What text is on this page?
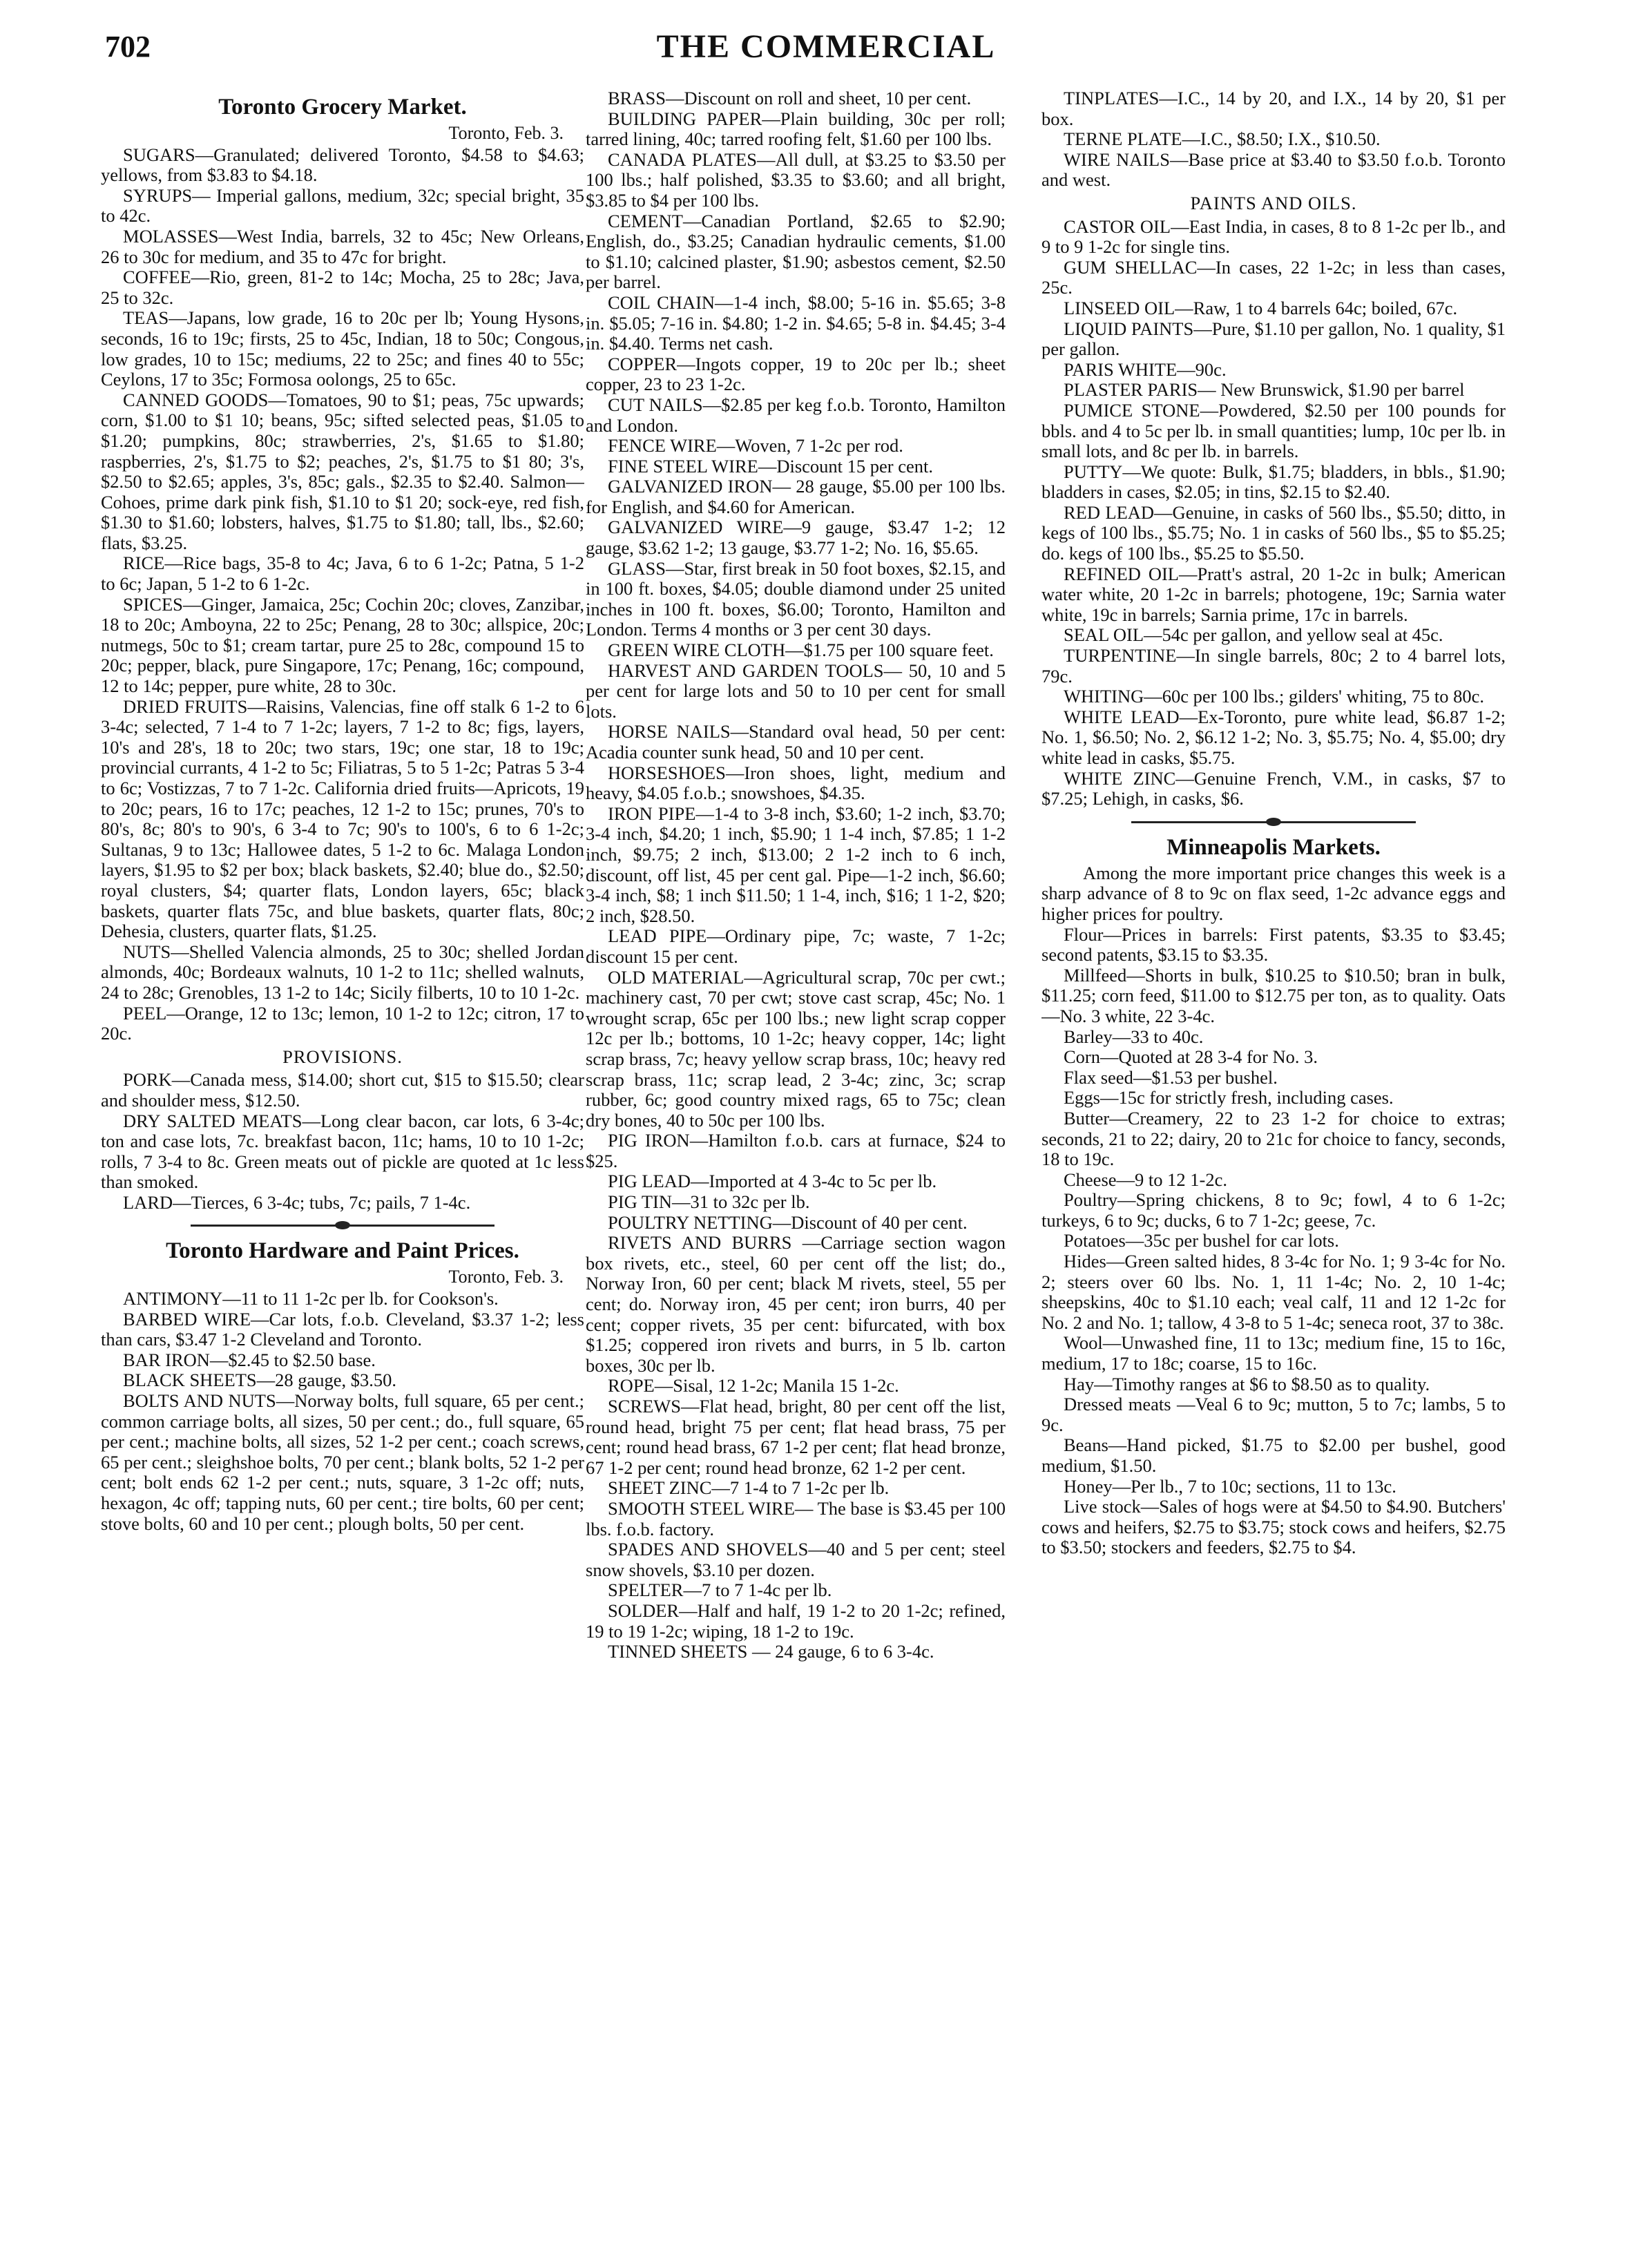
702	THE COMMERCIAL
Toronto Grocery Market.
Toronto, Feb. 3.

SUGARS—Granulated; delivered Toronto, $4.58 to $4.63; yellows, from $3.83 to $4.18.

SYRUPS— Imperial gallons, medium, 32c; special bright, 35 to 42c.

MOLASSES—West India, barrels, 32 to 45c; New Orleans, 26 to 30c for medium, and 35 to 47c for bright.

COFFEE—Rio, green, 81-2 to 14c; Mocha, 25 to 28c; Java, 25 to 32c.

TEAS—Japans, low grade, 16 to 20c per lb; Young Hysons, seconds, 16 to 19c; firsts, 25 to 45c, Indian, 18 to 50c; Congous, low grades, 10 to 15c; mediums, 22 to 25c; and fines 40 to 55c; Ceylons, 17 to 35c; Formosa oolongs, 25 to 65c.

CANNED GOODS—Tomatoes, 90 to $1; peas, 75c upwards; corn, $1.00 to $1 10; beans, 95c; sifted selected peas, $1.05 to $1.20; pumpkins, 80c; strawberries, 2's, $1.65 to $1.80; raspberries, 2's, $1.75 to $2; peaches, 2's, $1.75 to $1 80; 3's, $2.50 to $2.65; apples, 3's, 85c; gals., $2.35 to $2.40. Salmon—Cohoes, prime dark pink fish, $1.10 to $1 20; sock-eye, red fish, $1.30 to $1.60; lobsters, halves, $1.75 to $1.80; tall, lbs., $2.60; flats, $3.25.

RICE—Rice bags, 35-8 to 4c; Java, 6 to 6 1-2c; Patna, 5 1-2 to 6c; Japan, 5 1-2 to 6 1-2c.

SPICES—Ginger, Jamaica, 25c; Cochin 20c; cloves, Zanzibar, 18 to 20c; Amboyna, 22 to 25c; Penang, 28 to 30c; allspice, 20c; nutmegs, 50c to $1; cream tartar, pure 25 to 28c, compound 15 to 20c; pepper, black, pure Singapore, 17c; Penang, 16c; compound, 12 to 14c; pepper, pure white, 28 to 30c.

DRIED FRUITS—Raisins, Valencias, fine off stalk 6 1-2 to 6 3-4c; selected, 7 1-4 to 7 1-2c; layers, 7 1-2 to 8c; figs, layers, 10's and 28's, 18 to 20c; two stars, 19c; one star, 18 to 19c; provincial currants, 4 1-2 to 5c; Filiatras, 5 to 5 1-2c; Patras 5 3-4 to 6c; Vostizzas, 7 to 7 1-2c. California dried fruits—Apricots, 19 to 20c; pears, 16 to 17c; peaches, 12 1-2 to 15c; prunes, 70's to 80's, 8c; 80's to 90's, 6 3-4 to 7c; 90's to 100's, 6 to 6 1-2c; Sultanas, 9 to 13c; Hallowee dates, 5 1-2 to 6c. Malaga London layers, $1.95 to $2 per box; black baskets, $2.40; blue do., $2.50; royal clusters, $4; quarter flats, London layers, 65c; black baskets, quarter flats 75c, and blue baskets, quarter flats, 80c; Dehesia, clusters, quarter flats, $1.25.

NUTS—Shelled Valencia almonds, 25 to 30c; shelled Jordan almonds, 40c; Bordeaux walnuts, 10 1-2 to 11c; shelled walnuts, 24 to 28c; Grenobles, 13 1-2 to 14c; Sicily filberts, 10 to 10 1-2c.

PEEL—Orange, 12 to 13c; lemon, 10 1-2 to 12c; citron, 17 to 20c.

PROVISIONS.

PORK—Canada mess, $14.00; short cut, $15 to $15.50; clear and shoulder mess, $12.50.

DRY SALTED MEATS—Long clear bacon, car lots, 6 3-4c; ton and case lots, 7c. breakfast bacon, 11c; hams, 10 to 10 1-2c; rolls, 7 3-4 to 8c. Green meats out of pickle are quoted at 1c less than smoked.

LARD—Tierces, 6 3-4c; tubs, 7c; pails, 7 1-4c.

Toronto Hardware and Paint Prices.
Toronto, Feb. 3.

ANTIMONY—11 to 11 1-2c per lb. for Cookson's.

BARBED WIRE—Car lots, f.o.b. Cleveland, $3.37 1-2; less than cars, $3.47 1-2 Cleveland and Toronto.

BAR IRON—$2.45 to $2.50 base.

BLACK SHEETS—28 gauge, $3.50.

BOLTS AND NUTS—Norway bolts, full square, 65 per cent.; common carriage bolts, all sizes, 50 per cent.; do., full square, 65 per cent.; machine bolts, all sizes, 52 1-2 per cent.; coach screws, 65 per cent.; sleighshoe bolts, 70 per cent.; blank bolts, 52 1-2 per cent; bolt ends 62 1-2 per cent.; nuts, square, 3 1-2c off; nuts, hexagon, 4c off; tapping nuts, 60 per cent.; tire bolts, 60 per cent; stove bolts, 60 and 10 per cent.; plough bolts, 50 per cent.

BRASS—Discount on roll and sheet, 10 per cent.

BUILDING PAPER—Plain building, 30c per roll; tarred lining, 40c; tarred roofing felt, $1.60 per 100 lbs.

CANADA PLATES—All dull, at $3.25 to $3.50 per 100 lbs.; half polished, $3.35 to $3.60; and all bright, $3.85 to $4 per 100 lbs.

CEMENT—Canadian Portland, $2.65 to $2.90; English, do., $3.25; Canadian hydraulic cements, $1.00 to $1.10; calcined plaster, $1.90; asbestos cement, $2.50 per barrel.

COIL CHAIN—1-4 inch, $8.00; 5-16 in. $5.65; 3-8 in. $5.05; 7-16 in. $4.80; 1-2 in. $4.65; 5-8 in. $4.45; 3-4 in. $4.40. Terms net cash.

COPPER—Ingots copper, 19 to 20c per lb.; sheet copper, 23 to 23 1-2c.

CUT NAILS—$2.85 per keg f.o.b. Toronto, Hamilton and London.

FENCE WIRE—Woven, 7 1-2c per rod.

FINE STEEL WIRE—Discount 15 per cent.

GALVANIZED IRON— 28 gauge, $5.00 per 100 lbs. for English, and $4.60 for American.

GALVANIZED WIRE—9 gauge, $3.47 1-2; 12 gauge, $3.62 1-2; 13 gauge, $3.77 1-2; No. 16, $5.65.

GLASS—Star, first break in 50 foot boxes, $2.15, and in 100 ft. boxes, $4.05; double diamond under 25 united inches in 100 ft. boxes, $6.00; Toronto, Hamilton and London. Terms 4 months or 3 per cent 30 days.

GREEN WIRE CLOTH—$1.75 per 100 square feet.

HARVEST AND GARDEN TOOLS— 50, 10 and 5 per cent for large lots and 50 to 10 per cent for small lots.

HORSE NAILS—Standard oval head, 50 per cent: Acadia counter sunk head, 50 and 10 per cent.

HORSESHOES—Iron shoes, light, medium and heavy, $4.05 f.o.b.; snowshoes, $4.35.

IRON PIPE—1-4 to 3-8 inch, $3.60; 1-2 inch, $3.70; 3-4 inch, $4.20; 1 inch, $5.90; 1 1-4 inch, $7.85; 1 1-2 inch, $9.75; 2 inch, $13.00; 2 1-2 inch to 6 inch, discount, off list, 45 per cent gal. Pipe—1-2 inch, $6.60; 3-4 inch, $8; 1 inch $11.50; 1 1-4, inch, $16; 1 1-2, $20; 2 inch, $28.50.

LEAD PIPE—Ordinary pipe, 7c; waste, 7 1-2c; discount 15 per cent.

OLD MATERIAL—Agricultural scrap, 70c per cwt.; machinery cast, 70 per cwt; stove cast scrap, 45c; No. 1 wrought scrap, 65c per 100 lbs.; new light scrap copper 12c per lb.; bottoms, 10 1-2c; heavy copper, 14c; light scrap brass, 7c; heavy yellow scrap brass, 10c; heavy red scrap brass, 11c; scrap lead, 2 3-4c; zinc, 3c; scrap rubber, 6c; good country mixed rags, 65 to 75c; clean dry bones, 40 to 50c per 100 lbs.

PIG IRON—Hamilton f.o.b. cars at furnace, $24 to $25.

PIG LEAD—Imported at 4 3-4c to 5c per lb.

PIG TIN—31 to 32c per lb.

POULTRY NETTING—Discount of 40 per cent.

RIVETS AND BURRS —Carriage section wagon box rivets, etc., steel, 60 per cent off the list; do., Norway Iron, 60 per cent; black M rivets, steel, 55 per cent; do. Norway iron, 45 per cent; iron burrs, 40 per cent; copper rivets, 35 per cent: bifurcated, with box $1.25; coppered iron rivets and burrs, in 5 lb. carton boxes, 30c per lb.

ROPE—Sisal, 12 1-2c; Manila 15 1-2c.

SCREWS—Flat head, bright, 80 per cent off the list, round head, bright 75 per cent; flat head brass, 75 per cent; round head brass, 67 1-2 per cent; flat head bronze, 67 1-2 per cent; round head bronze, 62 1-2 per cent.

SHEET ZINC—7 1-4 to 7 1-2c per lb.

SMOOTH STEEL WIRE— The base is $3.45 per 100 lbs. f.o.b. factory.

SPADES AND SHOVELS—40 and 5 per cent; steel snow shovels, $3.10 per dozen.

SPELTER—7 to 7 1-4c per lb.

SOLDER—Half and half, 19 1-2 to 20 1-2c; refined, 19 to 19 1-2c; wiping, 18 1-2 to 19c.

TINNED SHEETS — 24 gauge, 6 to 6 3-4c.

TINPLATES—I.C., 14 by 20, and I.X., 14 by 20, $1 per box.

TERNE PLATE—I.C., $8.50; I.X., $10.50.

WIRE NAILS—Base price at $3.40 to $3.50 f.o.b. Toronto and west.

PAINTS AND OILS.

CASTOR OIL—East India, in cases, 8 to 8 1-2c per lb., and 9 to 9 1-2c for single tins.

GUM SHELLAC—In cases, 22 1-2c; in less than cases, 25c.

LINSEED OIL—Raw, 1 to 4 barrels 64c; boiled, 67c.

LIQUID PAINTS—Pure, $1.10 per gallon, No. 1 quality, $1 per gallon.

PARIS WHITE—90c.

PLASTER PARIS— New Brunswick, $1.90 per barrel

PUMICE STONE—Powdered, $2.50 per 100 pounds for bbls. and 4 to 5c per lb. in small quantities; lump, 10c per lb. in small lots, and 8c per lb. in barrels.

PUTTY—We quote: Bulk, $1.75; bladders, in bbls., $1.90; bladders in cases, $2.05; in tins, $2.15 to $2.40.

RED LEAD—Genuine, in casks of 560 lbs., $5.50; ditto, in kegs of 100 lbs., $5.75; No. 1 in casks of 560 lbs., $5 to $5.25; do. kegs of 100 lbs., $5.25 to $5.50.

REFINED OIL—Pratt's astral, 20 1-2c in bulk; American water white, 20 1-2c in barrels; photogene, 19c; Sarnia water white, 19c in barrels; Sarnia prime, 17c in barrels.

SEAL OIL—54c per gallon, and yellow seal at 45c.

TURPENTINE—In single barrels, 80c; 2 to 4 barrel lots, 79c.

WHITING—60c per 100 lbs.; gilders' whiting, 75 to 80c.

WHITE LEAD—Ex-Toronto, pure white lead, $6.87 1-2; No. 1, $6.50; No. 2, $6.12 1-2; No. 3, $5.75; No. 4, $5.00; dry white lead in casks, $5.75.

WHITE ZINC—Genuine French, V.M., in casks, $7 to $7.25; Lehigh, in casks, $6.

Minneapolis Markets.

Among the more important price changes this week is a sharp advance of 8 to 9c on flax seed, 1-2c advance eggs and higher prices for poultry.

Flour—Prices in barrels: First patents, $3.35 to $3.45; second patents, $3.15 to $3.35.

Millfeed—Shorts in bulk, $10.25 to $10.50; bran in bulk, $11.25; corn feed, $11.00 to $12.75 per ton, as to quality. Oats—No. 3 white, 22 3-4c.

Barley—33 to 40c.

Corn—Quoted at 28 3-4 for No. 3.

Flax seed—$1.53 per bushel.

Eggs—15c for strictly fresh, including cases.

Butter—Creamery, 22 to 23 1-2 for choice to extras; seconds, 21 to 22; dairy, 20 to 21c for choice to fancy, seconds, 18 to 19c.

Cheese—9 to 12 1-2c.

Poultry—Spring chickens, 8 to 9c; fowl, 4 to 6 1-2c; turkeys, 6 to 9c; ducks, 6 to 7 1-2c; geese, 7c.

Potatoes—35c per bushel for car lots.

Hides—Green salted hides, 8 3-4c for No. 1; 9 3-4c for No. 2; steers over 60 lbs. No. 1, 11 1-4c; No. 2, 10 1-4c; sheepskins, 40c to $1.10 each; veal calf, 11 and 12 1-2c for No. 2 and No. 1; tallow, 4 3-8 to 5 1-4c; seneca root, 37 to 38c.

Wool—Unwashed fine, 11 to 13c; medium fine, 15 to 16c, medium, 17 to 18c; coarse, 15 to 16c.

Hay—Timothy ranges at $6 to $8.50 as to quality.

Dressed meats —Veal 6 to 9c; mutton, 5 to 7c; lambs, 5 to 9c.

Beans—Hand picked, $1.75 to $2.00 per bushel, good medium, $1.50.

Honey—Per lb., 7 to 10c; sections, 11 to 13c.

Live stock—Sales of hogs were at $4.50 to $4.90. Butchers' cows and heifers, $2.75 to $3.75; stock cows and heifers, $2.75 to $3.50; stockers and feeders, $2.75 to $4.
